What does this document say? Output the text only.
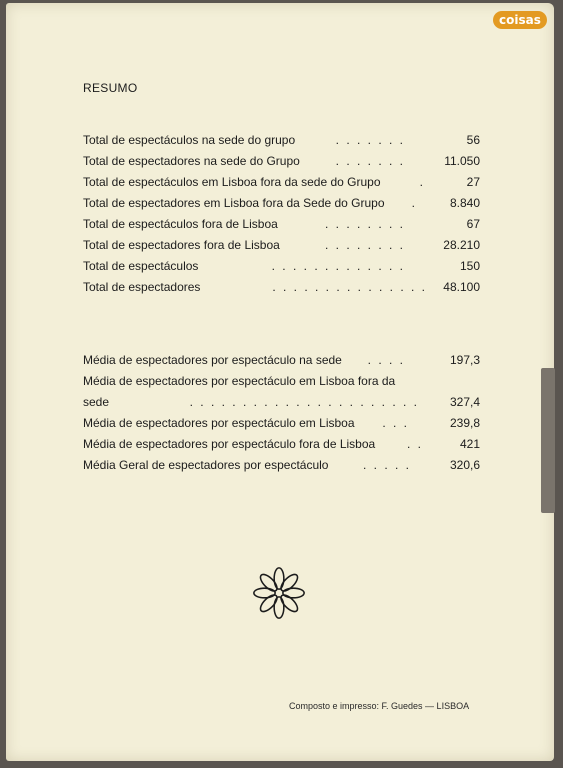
coisas
RESUMO
Total de espectáculos na sede do grupo	. . . . . . .	56
Total de espectadores na sede do Grupo	. . . . . . .	11.050
Total de espectáculos em Lisboa fora da sede do Grupo	.	27
Total de espectadores em Lisboa fora da Sede do Grupo .	8.840
Total de espectáculos fora de Lisboa	. . . . . . . .	67
Total de espectadores fora de Lisboa	. . . . . . . .	28.210
Total de espectáculos	. . . . . . . . . . . . .	150
Total de espectadores	. . . . . . . . . . . . . . . 48.100
Média de espectadores por espectáculo na sede . . . .	197,3
Média de espectadores por espectáculo em Lisboa fora da
sede	. . . . . . . . . . . . . . . . . . . . . .	327,4
Média de espectadores por espectáculo em Lisboa . . .	239,8
Média de espectadores por espectáculo fora de Lisboa	. .	421
Média Geral de espectadores por espectáculo	. . . . .	320,6
Composto e impresso: F. Guedes — LISBOA
